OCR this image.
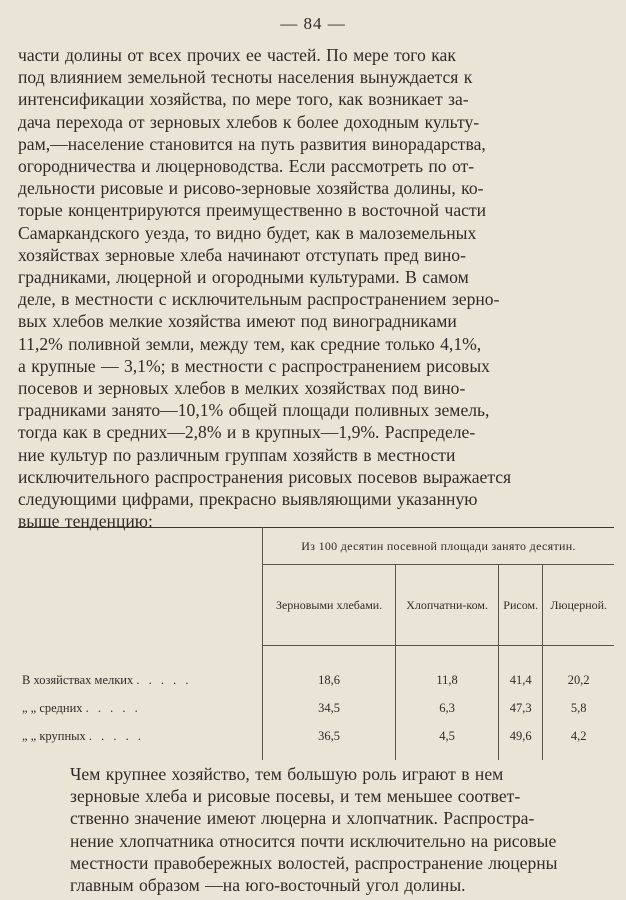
— 84 —

части долины от всех прочих ее частей. По мере того как

под влиянием земельной тесноты населения вынуждается к

интенсификации хозяйства, по мере того, как возникает за-

дача перехода от зерновых хлебов к более доходным культу-

рам,—население становится на путь развития винорадарства,

огородничества и люцерноводства. Если рассмотреть по от-

дельности рисовые и рисово-зерновые хозяйства долины, ко-

торые концентрируются преимущественно в восточной части

Самаркандского уезда, то видно будет, как в малоземельных

хозяйствах зерновые хлеба начинают отступать пред вино-

градниками, люцерной и огородными культурами. В самом

деле, в местности с исключительным распространением зерно-

вых хлебов мелкие хозяйства имеют под виноградниками

11,2% поливной земли, между тем, как средние только 4,1%,

а крупные — 3,1%; в местности с распространением рисовых

посевов и зерновых хлебов в мелких хозяйствах под вино-

градниками занято—10,1% общей площади поливных земель,

тогда как в средних—2,8% и в крупных—1,9%. Распределе-

ние культур по различным группам хозяйств в местности

исключительного распространения рисовых посевов выражается

следующими цифрами, прекрасно выявляющими указанную

выше тенденцию:

	Из 100 десятин посевной площади занято десятин.			
	Зерновыми хлебами.	Хлопчатни-ком.	Рисом.	Люцерной.
В хозяйствах мелких . . . . .	18,6	11,8	41,4	20,2
„ „ средних . . . . .	34,5	6,3	47,3	5,8
„ „ крупных . . . . .	36,5	4,5	49,6	4,2

Чем крупнее хозяйство, тем большую роль играют в нем

зерновые хлеба и рисовые посевы, и тем меньшее соответ-

ственно значение имеют люцерна и хлопчатник. Распростра-

нение хлопчатника относится почти исключительно на рисовые

местности правобережных волостей, распространение люцерны

главным образом —на юго-восточный угол долины.
